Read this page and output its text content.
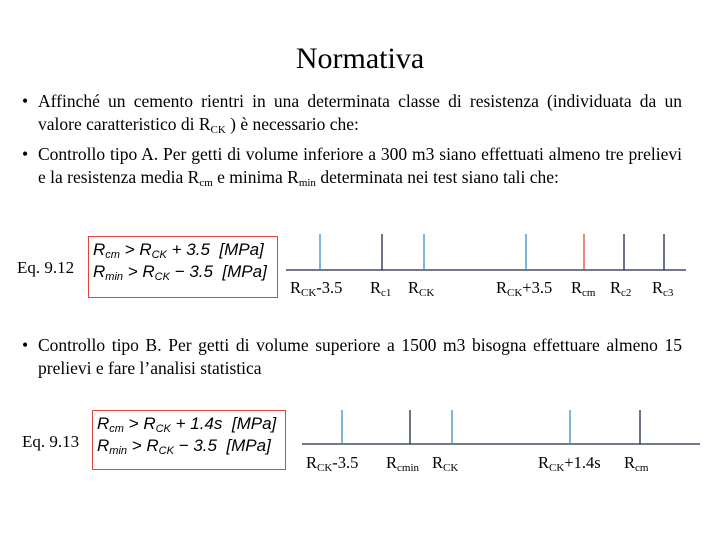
Normativa
• Affinché un cemento rientri in una determinata classe di resistenza (individuata da un valore caratteristico di $R_{CK}$ ) è necessario che:
• Controllo tipo A. Per getti di volume inferiore a 300 m3 siano effettuati almeno tre prelievi e la resistenza media $R_{cm}$ e minima $R_{min}$ determinata nei test siano tali che:
Eq. 9.12
$R_{cm} > R_{CK} + 3.5$ [MPa]
$R_{min} > R_{CK} - 3.5$ [MPa]
$R_{CK}-3.5$ $R_{c1}$ $R_{CK}$	$R_{CK}+3.5$ $R_{cm}$ $R_{c2}$ $R_{c3}$
• Controllo tipo B. Per getti di volume superiore a 1500 m3 bisogna effettuare almeno 15 prelievi e fare l’analisi statistica
Eq. 9.13
$R_{cm} > R_{CK} + 1.4s$ [MPa]
$R_{min} > R_{CK} - 3.5$ [MPa]
$R_{CK}-3.5$ $R_{cmin}$ $R_{CK}$	$R_{CK}+1.4s$ $R_{cm}$
